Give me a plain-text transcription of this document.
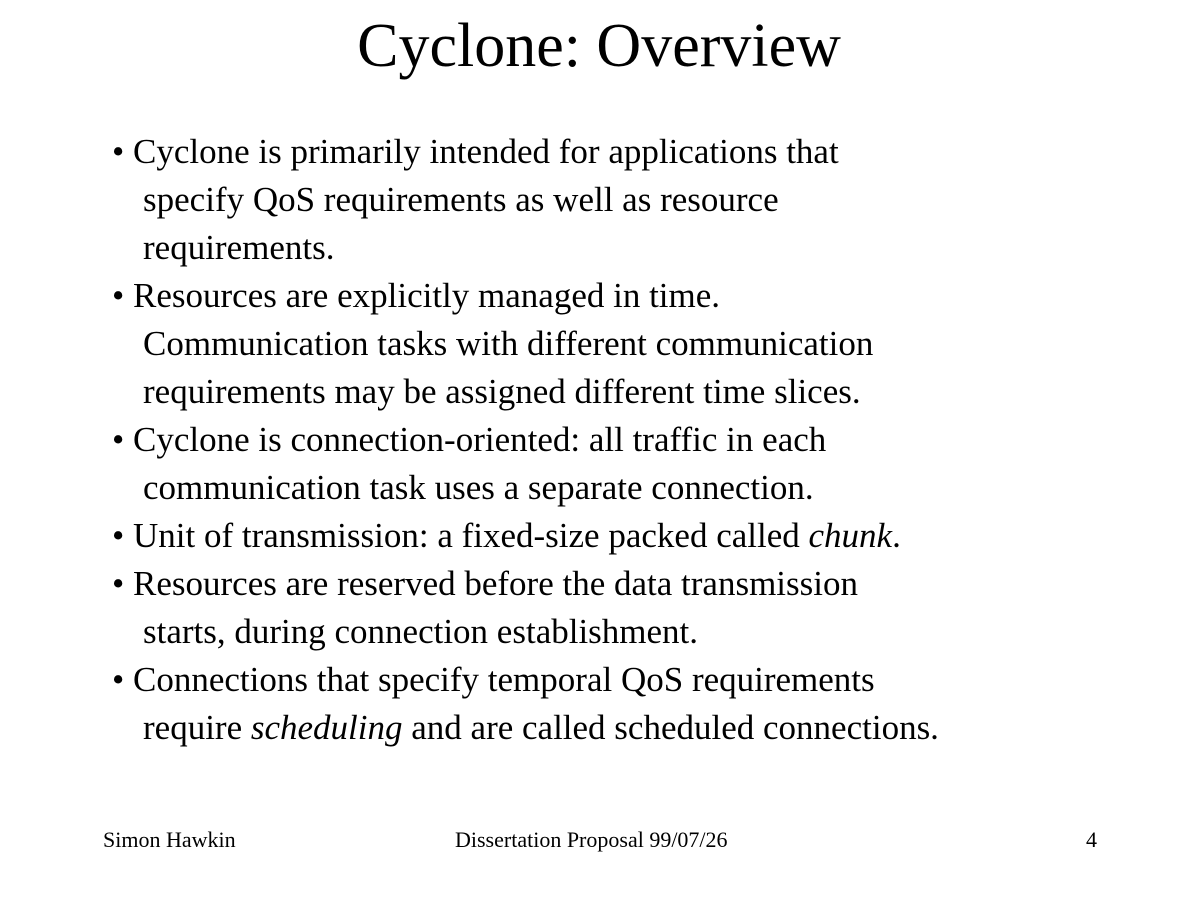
Cyclone: Overview
• Cyclone is primarily intended for applications that
specify QoS requirements as well as resource
requirements.
• Resources are explicitly managed in time.
Communication tasks with different communication
requirements may be assigned different time slices.
• Cyclone is connection-oriented: all traffic in each
communication task uses a separate connection.
• Unit of transmission: a fixed-size packed called chunk.
• Resources are reserved before the data transmission
starts, during connection establishment.
• Connections that specify temporal QoS requirements
require scheduling and are called scheduled connections.
Simon Hawkin	Dissertation Proposal 99/07/26	4
